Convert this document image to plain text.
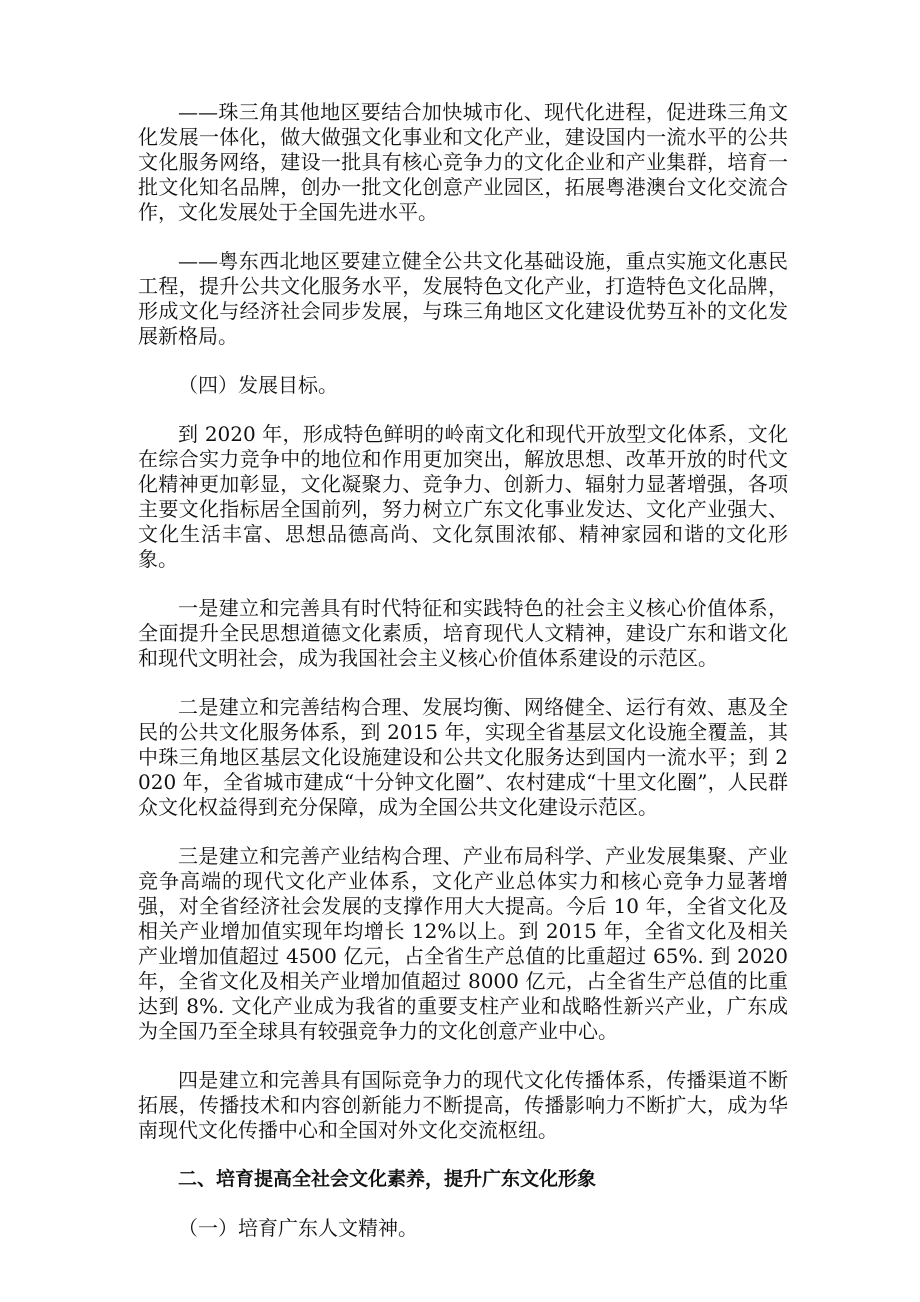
——珠三角其他地区要结合加快城市化、现代化进程，促进珠三角文化发展一体化，做大做强文化事业和文化产业，建设国内一流水平的公共文化服务网络，建设一批具有核心竞争力的文化企业和产业集群，培育一批文化知名品牌，创办一批文化创意产业园区，拓展粤港澳台文化交流合作，文化发展处于全国先进水平。

——粤东西北地区要建立健全公共文化基础设施，重点实施文化惠民工程，提升公共文化服务水平，发展特色文化产业，打造特色文化品牌，形成文化与经济社会同步发展，与珠三角地区文化建设优势互补的文化发展新格局。

（四）发展目标。

到 2020 年，形成特色鲜明的岭南文化和现代开放型文化体系，文化在综合实力竞争中的地位和作用更加突出，解放思想、改革开放的时代文化精神更加彰显，文化凝聚力、竞争力、创新力、辐射力显著增强，各项主要文化指标居全国前列，努力树立广东文化事业发达、文化产业强大、文化生活丰富、思想品德高尚、文化氛围浓郁、精神家园和谐的文化形象。

一是建立和完善具有时代特征和实践特色的社会主义核心价值体系，全面提升全民思想道德文化素质，培育现代人文精神，建设广东和谐文化和现代文明社会，成为我国社会主义核心价值体系建设的示范区。

二是建立和完善结构合理、发展均衡、网络健全、运行有效、惠及全民的公共文化服务体系，到 2015 年，实现全省基层文化设施全覆盖，其中珠三角地区基层文化设施建设和公共文化服务达到国内一流水平；到 2020 年，全省城市建成“十分钟文化圈”、农村建成“十里文化圈”，人民群众文化权益得到充分保障，成为全国公共文化建设示范区。

三是建立和完善产业结构合理、产业布局科学、产业发展集聚、产业竞争高端的现代文化产业体系，文化产业总体实力和核心竞争力显著增强，对全省经济社会发展的支撑作用大大提高。今后 10 年，全省文化及相关产业增加值实现年均增长 12%以上。到 2015 年，全省文化及相关产业增加值超过 4500 亿元，占全省生产总值的比重超过 65%. 到 2020 年，全省文化及相关产业增加值超过 8000 亿元，占全省生产总值的比重达到 8%. 文化产业成为我省的重要支柱产业和战略性新兴产业，广东成为全国乃至全球具有较强竞争力的文化创意产业中心。

四是建立和完善具有国际竞争力的现代文化传播体系，传播渠道不断拓展，传播技术和内容创新能力不断提高，传播影响力不断扩大，成为华南现代文化传播中心和全国对外文化交流枢纽。

二、培育提高全社会文化素养，提升广东文化形象

（一）培育广东人文精神。
